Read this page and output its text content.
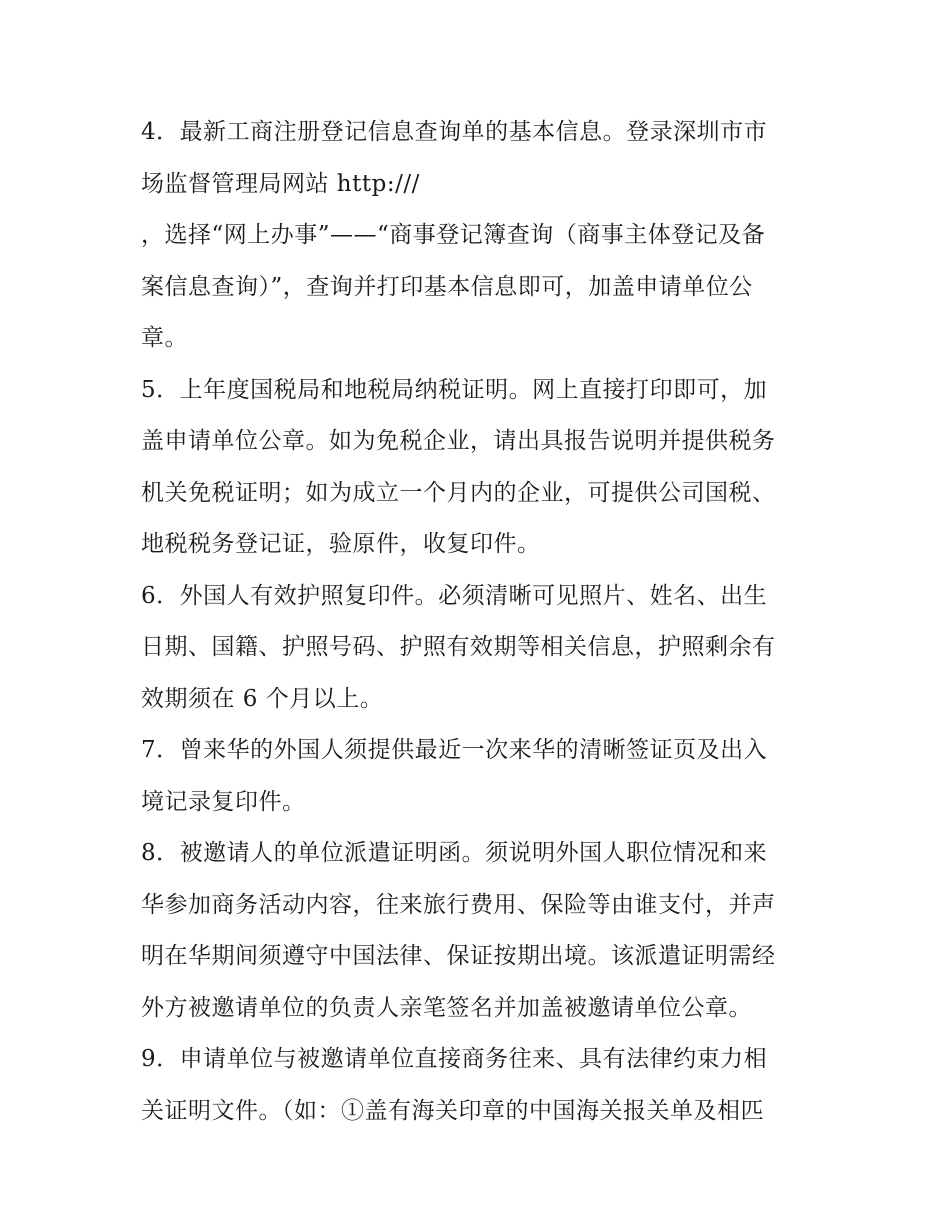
4．最新工商注册登记信息查询单的基本信息。登录深圳市市
场监督管理局网站 http:///
，选择“网上办事”——“商事登记簿查询（商事主体登记及备
案信息查询）”，查询并打印基本信息即可，加盖申请单位公
章。
5．上年度国税局和地税局纳税证明。网上直接打印即可，加
盖申请单位公章。如为免税企业，请出具报告说明并提供税务
机关免税证明；如为成立一个月内的企业，可提供公司国税、
地税税务登记证，验原件，收复印件。
6．外国人有效护照复印件。必须清晰可见照片、姓名、出生
日期、国籍、护照号码、护照有效期等相关信息，护照剩余有
效期须在 6 个月以上。
7．曾来华的外国人须提供最近一次来华的清晰签证页及出入
境记录复印件。
8．被邀请人的单位派遣证明函。须说明外国人职位情况和来
华参加商务活动内容，往来旅行费用、保险等由谁支付，并声
明在华期间须遵守中国法律、保证按期出境。该派遣证明需经
外方被邀请单位的负责人亲笔签名并加盖被邀请单位公章。
9．申请单位与被邀请单位直接商务往来、具有法律约束力相
关证明文件。（如：①盖有海关印章的中国海关报关单及相匹
